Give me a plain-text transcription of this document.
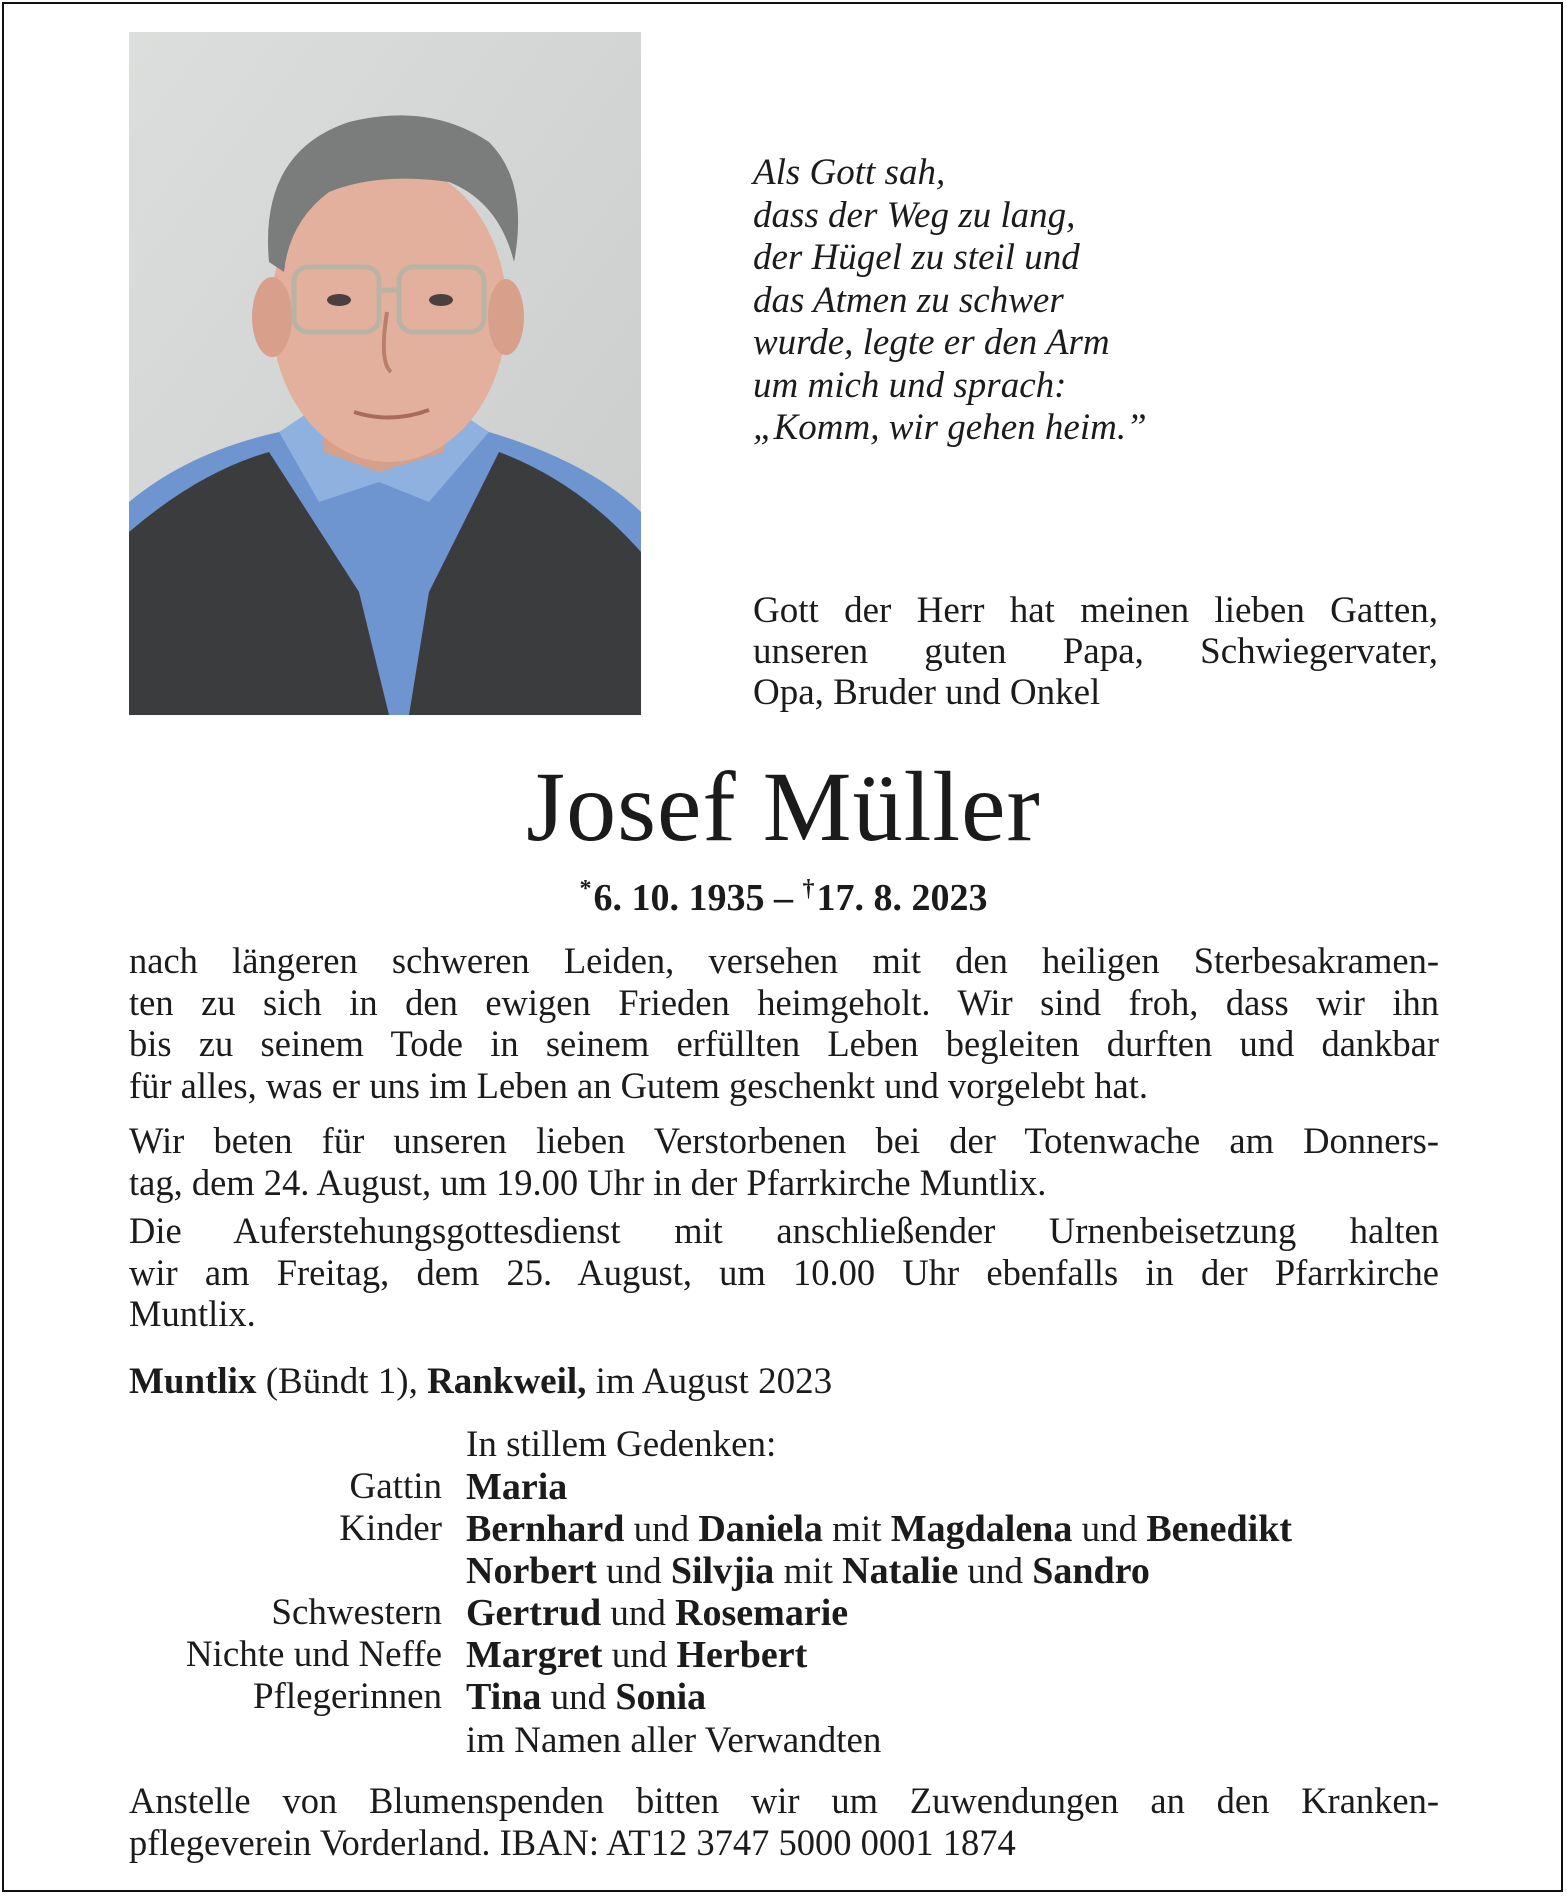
Als Gott sah,
dass der Weg zu lang,
der Hügel zu steil und
das Atmen zu schwer
wurde, legte er den Arm
um mich und sprach:
„Komm, wir gehen heim.”
Gott der Herr hat meinen lieben Gatten,
unseren guten Papa, Schwiegervater,
Opa, Bruder und Onkel
Josef Müller
*6. 10. 1935 – †17. 8. 2023
nach längeren schweren Leiden, versehen mit den heiligen Sterbesakramen-
ten zu sich in den ewigen Frieden heimgeholt. Wir sind froh, dass wir ihn
bis zu seinem Tode in seinem erfüllten Leben begleiten durften und dankbar
für alles, was er uns im Leben an Gutem geschenkt und vorgelebt hat.
Wir beten für unseren lieben Verstorbenen bei der Totenwache am Donners-
tag, dem 24. August, um 19.00 Uhr in der Pfarrkirche Muntlix.
Die Auferstehungsgottesdienst mit anschließender Urnenbeisetzung halten
wir am Freitag, dem 25. August, um 10.00 Uhr ebenfalls in der Pfarrkirche
Muntlix.
Muntlix (Bündt 1), Rankweil, im August 2023
In stillem Gedenken:
Gattin Maria
Kinder Bernhard und Daniela mit Magdalena und Benedikt
Norbert und Silvjia mit Natalie und Sandro
Schwestern Gertrud und Rosemarie
Nichte und Neffe Margret und Herbert
Pflegerinnen Tina und Sonia
im Namen aller Verwandten
Anstelle von Blumenspenden bitten wir um Zuwendungen an den Kranken-
pflegeverein Vorderland. IBAN: AT12 3747 5000 0001 1874
